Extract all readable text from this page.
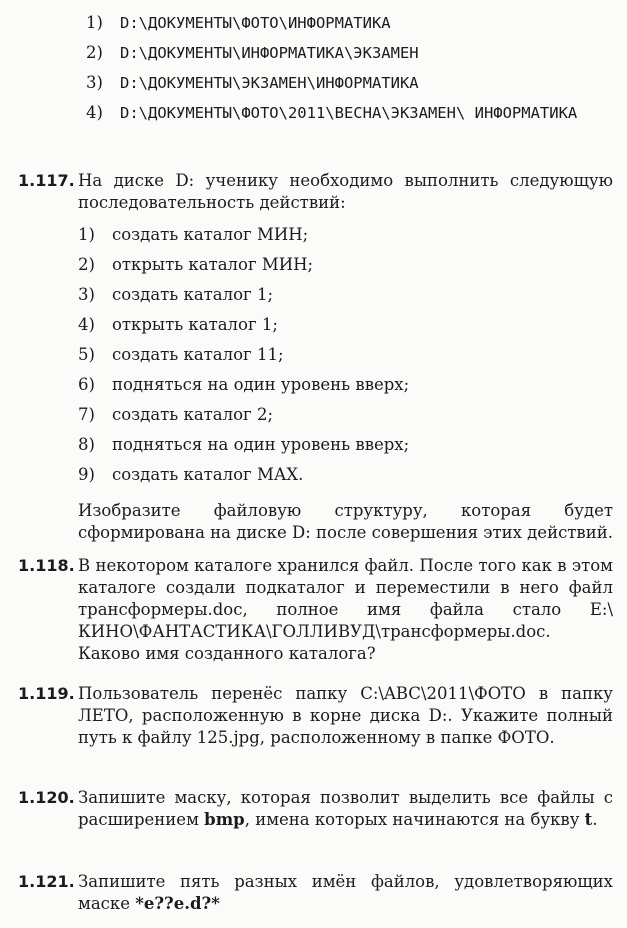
1)	D:\ДОКУМЕНТЫ\ФОТО\ИНФОРМАТИКА
2)	D:\ДОКУМЕНТЫ\ИНФОРМАТИКА\ЭКЗАМЕН
3)	D:\ДОКУМЕНТЫ\ЭКЗАМЕН\ИНФОРМАТИКА
4)	D:\ДОКУМЕНТЫ\ФОТО\2011\ВЕСНА\ЭКЗАМЕН\ ИНФОРМАТИКА
1.117. На диске D: ученику необходимо выполнить следующую последовательность действий:

1)	создать каталог МИН;
2)	открыть каталог МИН;
3)	создать каталог 1;
4)	открыть каталог 1;
5)	создать каталог 11;
6)	подняться на один уровень вверх;
7)	создать каталог 2;
8)	подняться на один уровень вверх;
9)	создать каталог МАХ.

Изобразите файловую структуру, которая будет сформирована на диске D: после совершения этих действий.

1.118. В некотором каталоге хранился файл. После того как в этом каталоге создали подкаталог и переместили в него файл трансформеры.doc, полное имя файла стало E:\ КИНО\ФАНТАСТИКА\ГОЛЛИВУД\трансформеры.doc. Каково имя созданного каталога?

1.119. Пользователь перенёс папку C:\ABC\2011\ФОТО в папку ЛЕТО, расположенную в корне диска D:. Укажите полный путь к файлу 125.jpg, расположенному в папке ФОТО.

1.120. Запишите маску, которая позволит выделить все файлы с расширением bmp, имена которых начинаются на букву t.

1.121. Запишите пять разных имён файлов, удовлетворяющих маске *e??e.d?*
